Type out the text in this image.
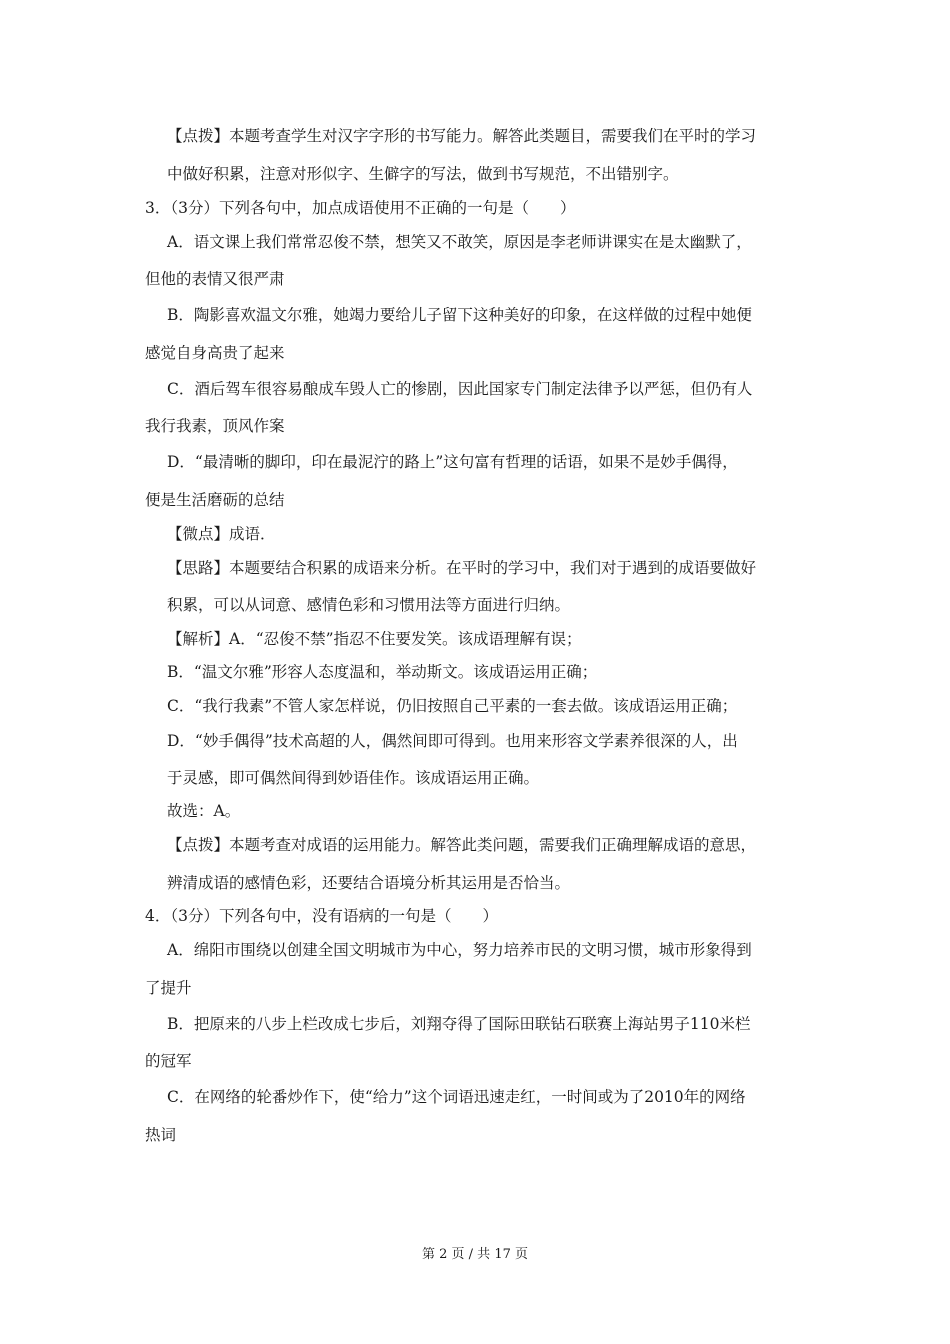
【点拨】本题考查学生对汉字字形的书写能力。解答此类题目，需要我们在平时的学习
中做好积累，注意对形似字、生僻字的写法，做到书写规范，不出错别字。
3．（3分）下列各句中，加点成语使用不正确的一句是（　　）
A．语文课上我们常常忍俊不禁，想笑又不敢笑，原因是李老师讲课实在是太幽默了，
但他的表情又很严肃
B．陶影喜欢温文尔雅，她竭力要给儿子留下这种美好的印象，在这样做的过程中她便
感觉自身高贵了起来
C．酒后驾车很容易酿成车毁人亡的惨剧，因此国家专门制定法律予以严惩，但仍有人
我行我素，顶风作案
D．“最清晰的脚印，印在最泥泞的路上”这句富有哲理的话语，如果不是妙手偶得，
便是生活磨砺的总结
【微点】成语．
【思路】本题要结合积累的成语来分析。在平时的学习中，我们对于遇到的成语要做好
积累，可以从词意、感情色彩和习惯用法等方面进行归纳。
【解析】A．“忍俊不禁”指忍不住要发笑。该成语理解有误；
B．“温文尔雅”形容人态度温和，举动斯文。该成语运用正确；
C．“我行我素”不管人家怎样说，仍旧按照自己平素的一套去做。该成语运用正确；
D．“妙手偶得”技术高超的人，偶然间即可得到。也用来形容文学素养很深的人，出
于灵感，即可偶然间得到妙语佳作。该成语运用正确。
故选：A。
【点拨】本题考查对成语的运用能力。解答此类问题，需要我们正确理解成语的意思，
辨清成语的感情色彩，还要结合语境分析其运用是否恰当。
4．（3分）下列各句中，没有语病的一句是（　　）
A．绵阳市围绕以创建全国文明城市为中心，努力培养市民的文明习惯，城市形象得到
了提升
B．把原来的八步上栏改成七步后，刘翔夺得了国际田联钻石联赛上海站男子110米栏
的冠军
C．在网络的轮番炒作下，使“给力”这个词语迅速走红，一时间或为了2010年的网络
热词
第 2 页 / 共 17 页
